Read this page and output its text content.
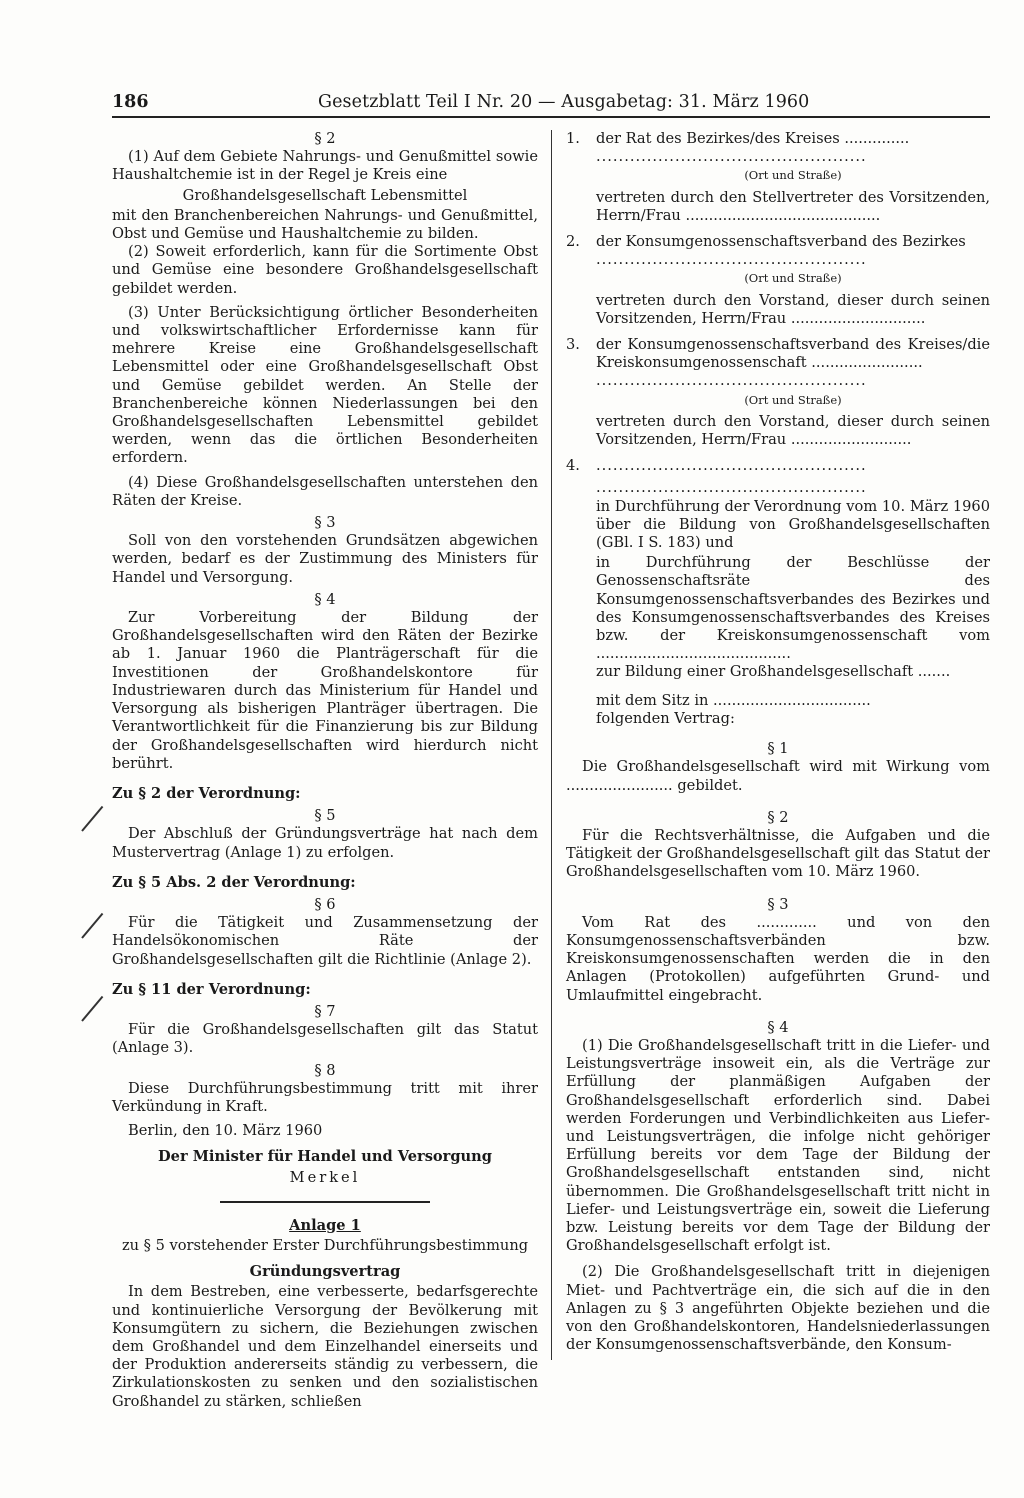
186	Gesetzblatt Teil I Nr. 20 — Ausgabetag: 31. März 1960

§ 2

(1) Auf dem Gebiete Nahrungs- und Genußmittel sowie Haushaltchemie ist in der Regel je Kreis eine

Großhandelsgesellschaft Lebensmittel

mit den Branchenbereichen Nahrungs- und Genußmittel, Obst und Gemüse und Haushaltchemie zu bilden.

(2) Soweit erforderlich, kann für die Sortimente Obst und Gemüse eine besondere Großhandelsgesellschaft gebildet werden.

(3) Unter Berücksichtigung örtlicher Besonderheiten und volkswirtschaftlicher Erfordernisse kann für mehrere Kreise eine Großhandelsgesellschaft Lebensmittel oder eine Großhandelsgesellschaft Obst und Gemüse gebildet werden. An Stelle der Branchenbereiche können Niederlassungen bei den Großhandelsgesellschaften Lebensmittel gebildet werden, wenn das die örtlichen Besonderheiten erfordern.

(4) Diese Großhandelsgesellschaften unterstehen den Räten der Kreise.

§ 3

Soll von den vorstehenden Grundsätzen abgewichen werden, bedarf es der Zustimmung des Ministers für Handel und Versorgung.

§ 4

Zur Vorbereitung der Bildung der Großhandelsgesellschaften wird den Räten der Bezirke ab 1. Januar 1960 die Planträgerschaft für die Investitionen der Großhandelskontore für Industriewaren durch das Ministerium für Handel und Versorgung als bisherigen Planträger übertragen. Die Verantwortlichkeit für die Finanzierung bis zur Bildung der Großhandelsgesellschaften wird hierdurch nicht berührt.

Zu § 2 der Verordnung:

§ 5

Der Abschluß der Gründungsverträge hat nach dem Mustervertrag (Anlage 1) zu erfolgen.

Zu § 5 Abs. 2 der Verordnung:

§ 6

Für die Tätigkeit und Zusammensetzung der Handelsökonomischen Räte der Großhandelsgesellschaften gilt die Richtlinie (Anlage 2).

Zu § 11 der Verordnung:

§ 7

Für die Großhandelsgesellschaften gilt das Statut (Anlage 3).

§ 8

Diese Durchführungsbestimmung tritt mit ihrer Verkündung in Kraft.

Berlin, den 10. März 1960

Der Minister für Handel und Versorgung

Merkel

Anlage 1

zu § 5 vorstehender Erster Durchführungsbestimmung

Gründungsvertrag

In dem Bestreben, eine verbesserte, bedarfsgerechte und kontinuierliche Versorgung der Bevölkerung mit Konsumgütern zu sichern, die Beziehungen zwischen dem Großhandel und dem Einzelhandel einerseits und der Produktion andererseits ständig zu verbessern, die Zirkulationskosten zu senken und den sozialistischen Großhandel zu stärken, schließen

1. der Rat des Bezirkes/des Kreises ..............

................................................

(Ort und Straße)

vertreten durch den Stellvertreter des Vorsitzenden, Herrn/Frau ..........................................

2. der Konsumgenossenschaftsverband des Bezirkes

................................................

(Ort und Straße)

vertreten durch den Vorstand, dieser durch seinen Vorsitzenden, Herrn/Frau .............................

3. der Konsumgenossenschaftsverband des Kreises/die Kreiskonsumgenossenschaft ........................

................................................

(Ort und Straße)

vertreten durch den Vorstand, dieser durch seinen Vorsitzenden, Herrn/Frau ..........................

4. ................................................

................................................

in Durchführung der Verordnung vom 10. März 1960 über die Bildung von Großhandelsgesellschaften (GBl. I S. 183) und

in Durchführung der Beschlüsse der Genossenschaftsräte des Konsumgenossenschaftsverbandes des Bezirkes und des Konsumgenossenschaftsverbandes des Kreises bzw. der Kreiskonsumgenossenschaft vom ..........................................

zur Bildung einer Großhandelsgesellschaft .......

mit dem Sitz in ..................................

folgenden Vertrag:

§ 1

Die Großhandelsgesellschaft wird mit Wirkung vom ....................... gebildet.

§ 2

Für die Rechtsverhältnisse, die Aufgaben und die Tätigkeit der Großhandelsgesellschaft gilt das Statut der Großhandelsgesellschaften vom 10. März 1960.

§ 3

Vom Rat des ............. und von den Konsumgenossenschaftsverbänden bzw. Kreiskonsumgenossenschaften werden die in den Anlagen (Protokollen) aufgeführten Grund- und Umlaufmittel eingebracht.

§ 4

(1) Die Großhandelsgesellschaft tritt in die Liefer- und Leistungsverträge insoweit ein, als die Verträge zur Erfüllung der planmäßigen Aufgaben der Großhandelsgesellschaft erforderlich sind. Dabei werden Forderungen und Verbindlichkeiten aus Liefer- und Leistungsverträgen, die infolge nicht gehöriger Erfüllung bereits vor dem Tage der Bildung der Großhandelsgesellschaft entstanden sind, nicht übernommen. Die Großhandelsgesellschaft tritt nicht in Liefer- und Leistungsverträge ein, soweit die Lieferung bzw. Leistung bereits vor dem Tage der Bildung der Großhandelsgesellschaft erfolgt ist.

(2) Die Großhandelsgesellschaft tritt in diejenigen Miet- und Pachtverträge ein, die sich auf die in den Anlagen zu § 3 angeführten Objekte beziehen und die von den Großhandelskontoren, Handelsniederlassungen der Konsumgenossenschaftsverbände, den Konsum-
